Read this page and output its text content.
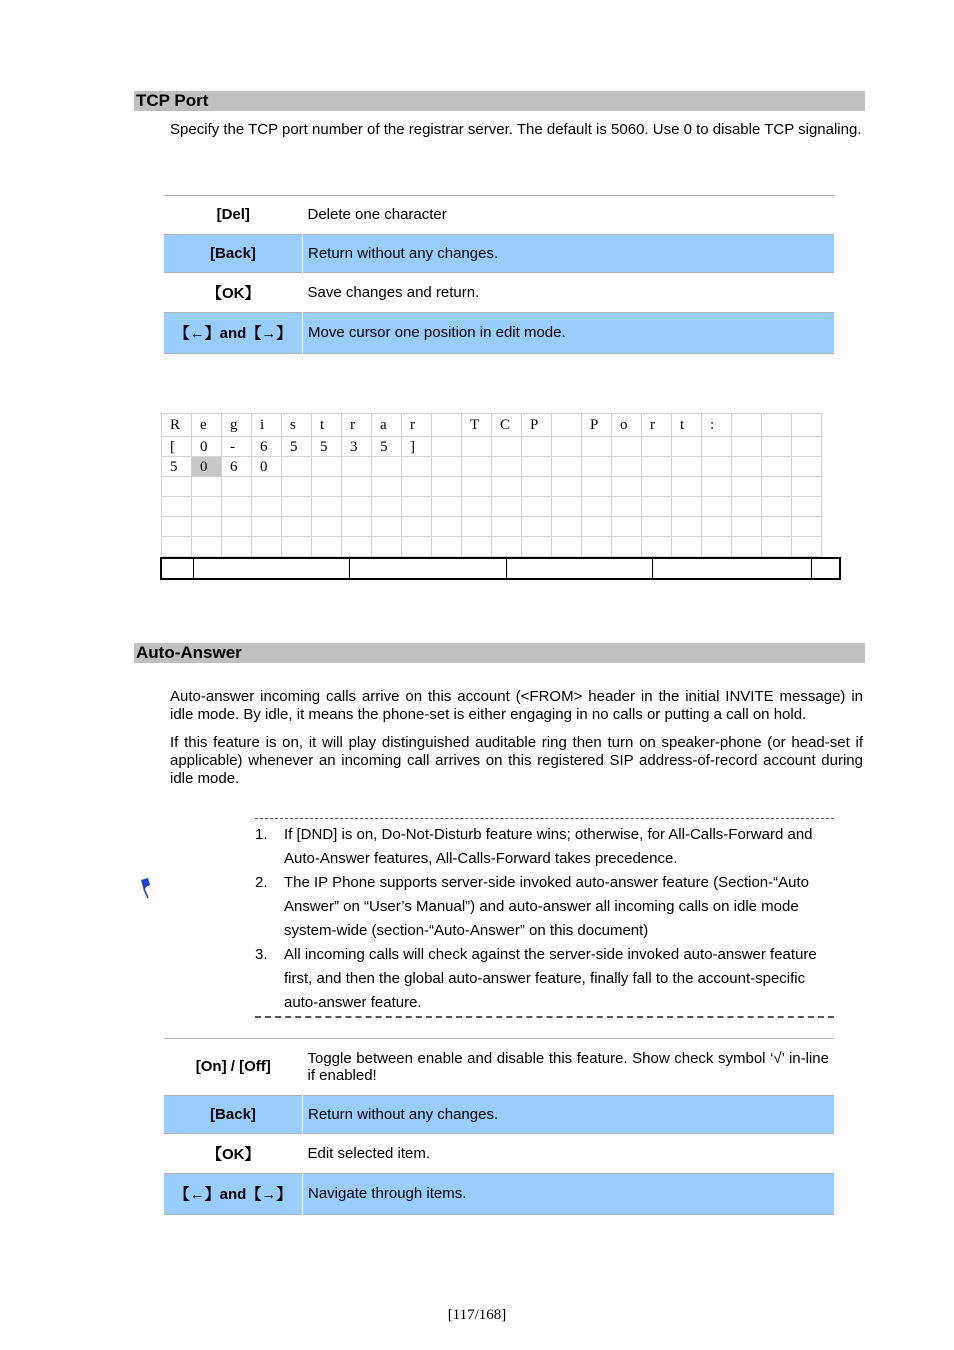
TCP Port
Specify the TCP port number of the registrar server. The default is 5060. Use 0 to disable TCP signaling.
[Del]	Delete one character
[Back]	Return without any changes.
【OK】	Save changes and return.
【←】and【→】	Move cursor one position in edit mode.
R	e	g	i	s	t	r	a	r		T	C	P		P	o	r	t	:			
[	0	-	6	5	5	3	5	]													
5	0	6	0																		

Auto-Answer
Auto-answer incoming calls arrive on this account (<FROM> header in the initial INVITE message) in idle mode. By idle, it means the phone-set is either engaging in no calls or putting a call on hold.
If this feature is on, it will play distinguished auditable ring then turn on speaker-phone (or head-set if applicable) whenever an incoming call arrives on this registered SIP address-of-record account during idle mode.
1.	If [DND] is on, Do-Not-Disturb feature wins; otherwise, for All-Calls-Forward and Auto-Answer features, All-Calls-Forward takes precedence.
2.	The IP Phone supports server-side invoked auto-answer feature (Section-“Auto Answer” on “User’s Manual”) and auto-answer all incoming calls on idle mode system-wide (section-“Auto-Answer” on this document)
3.	All incoming calls will check against the server-side invoked auto-answer feature first, and then the global auto-answer feature, finally fall to the account-specific auto-answer feature.
[On] / [Off]	Toggle between enable and disable this feature. Show check symbol ‘√’ in-line if enabled!
[Back]	Return without any changes.
【OK】	Edit selected item.
【←】and【→】	Navigate through items.
[117/168]
